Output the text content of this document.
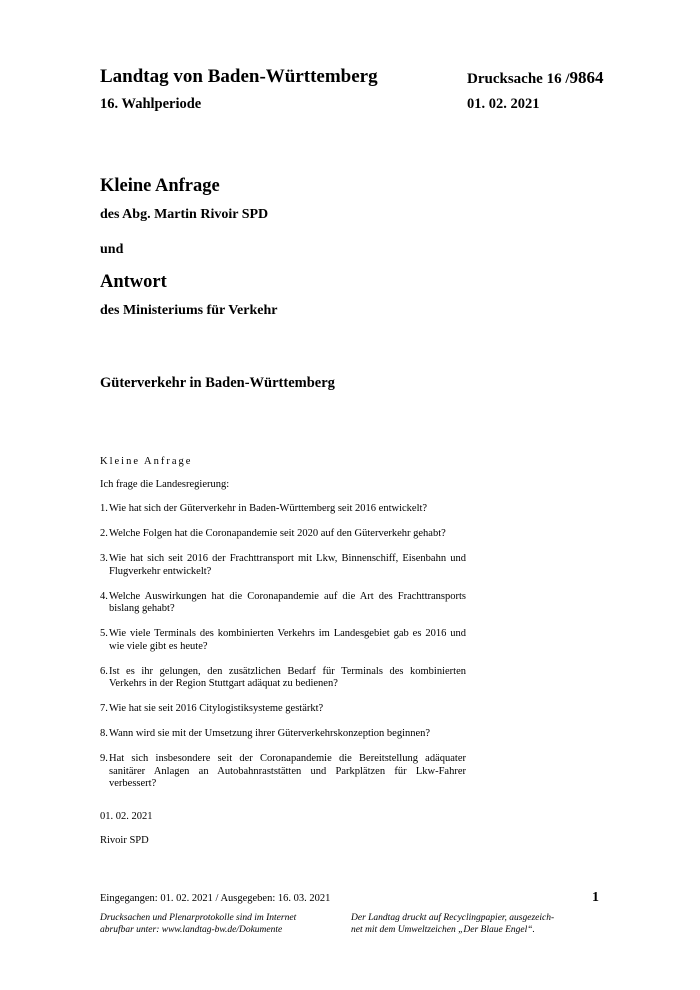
Landtag von Baden-Württemberg
16. Wahlperiode
Drucksache 16 /9864
01. 02. 2021
Kleine Anfrage
des Abg. Martin Rivoir SPD
und
Antwort
des Ministeriums für Verkehr
Güterverkehr in Baden-Württemberg
Kleine Anfrage
Ich frage die Landesregierung:
1. Wie hat sich der Güterverkehr in Baden-Württemberg seit 2016 entwickelt?
2. Welche Folgen hat die Coronapandemie seit 2020 auf den Güterverkehr gehabt?
3. Wie hat sich seit 2016 der Frachttransport mit Lkw, Binnenschiff, Eisenbahn und Flugverkehr entwickelt?
4. Welche Auswirkungen hat die Coronapandemie auf die Art des Frachttransports bislang gehabt?
5. Wie viele Terminals des kombinierten Verkehrs im Landesgebiet gab es 2016 und wie viele gibt es heute?
6. Ist es ihr gelungen, den zusätzlichen Bedarf für Terminals des kombinierten Verkehrs in der Region Stuttgart adäquat zu bedienen?
7. Wie hat sie seit 2016 Citylogistiksysteme gestärkt?
8. Wann wird sie mit der Umsetzung ihrer Güterverkehrskonzeption beginnen?
9. Hat sich insbesondere seit der Coronapandemie die Bereitstellung adäquater sanitärer Anlagen an Autobahnraststätten und Parkplätzen für Lkw-Fahrer verbessert?
01. 02. 2021
Rivoir SPD
Eingegangen: 01. 02. 2021 / Ausgegeben: 16. 03. 2021	1
Drucksachen und Plenarprotokolle sind im Internet
abrufbar unter: www.landtag-bw.de/Dokumente
Der Landtag druckt auf Recyclingpapier, ausgezeich-
net mit dem Umweltzeichen „Der Blaue Engel“.
